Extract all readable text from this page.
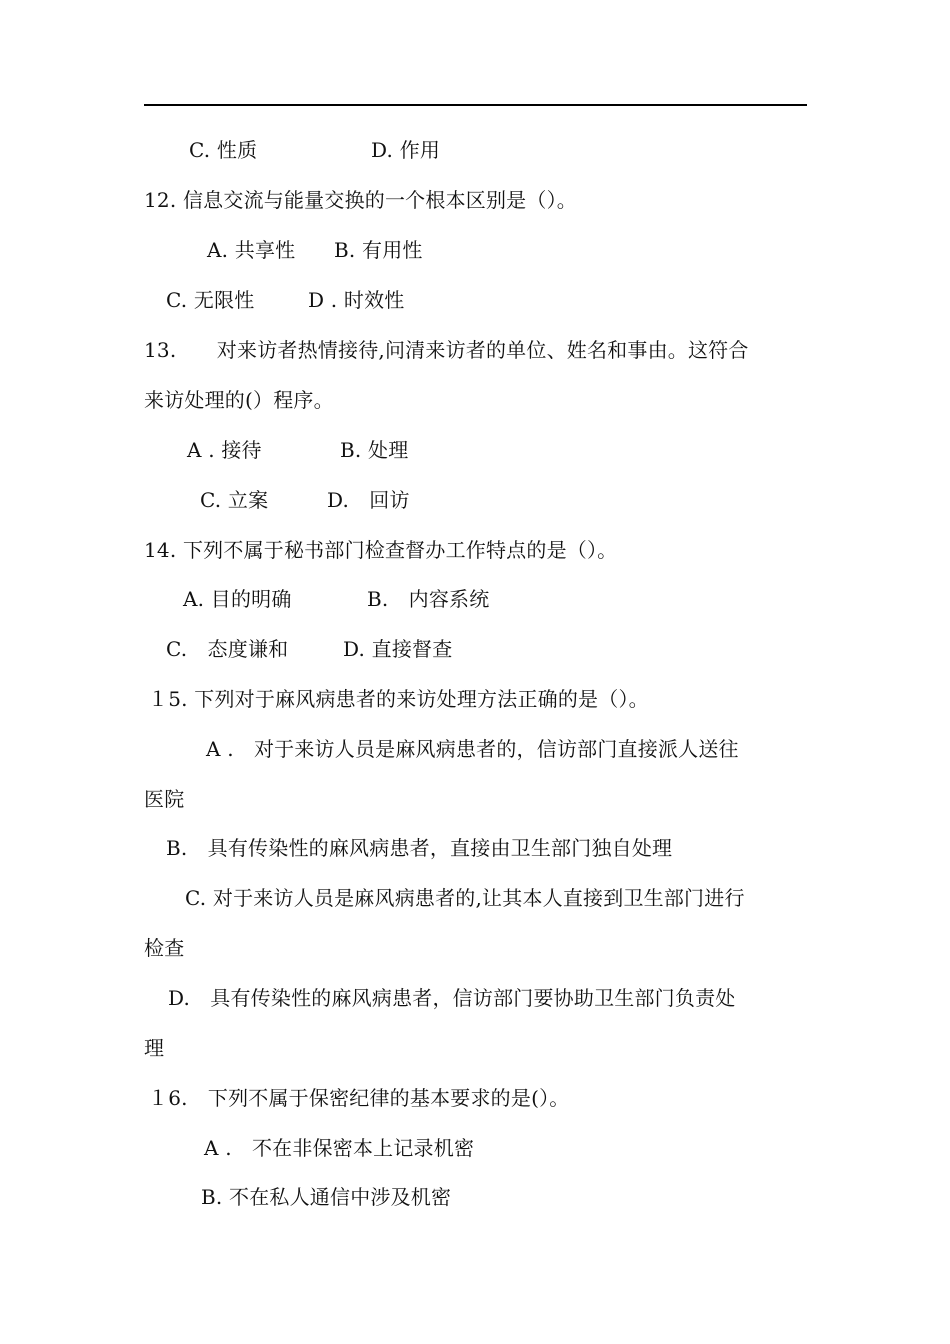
C. 性质	D. 作用
12. 信息交流与能量交换的一个根本区别是（）。
A. 共享性 B. 有用性
C. 无限性	D . 时效性
13.　　对来访者热情接待,问清来访者的单位、姓名和事由。这符合
来访处理的(）程序。
A . 接待	B. 处理
C. 立案	D.　回访
14. 下列不属于秘书部门检查督办工作特点的是（）。
A. 目的明确	B.　内容系统
C.　态度谦和	D. 直接督查
１5. 下列对于麻风病患者的来访处理方法正确的是（）。
A .　对于来访人员是麻风病患者的，信访部门直接派人送往
医院
B.　具有传染性的麻风病患者，直接由卫生部门独自处理
C. 对于来访人员是麻风病患者的,让其本人直接到卫生部门进行
检查
D.　具有传染性的麻风病患者，信访部门要协助卫生部门负责处
理
１6.　下列不属于保密纪律的基本要求的是(）。
A .　不在非保密本上记录机密
B. 不在私人通信中涉及机密
